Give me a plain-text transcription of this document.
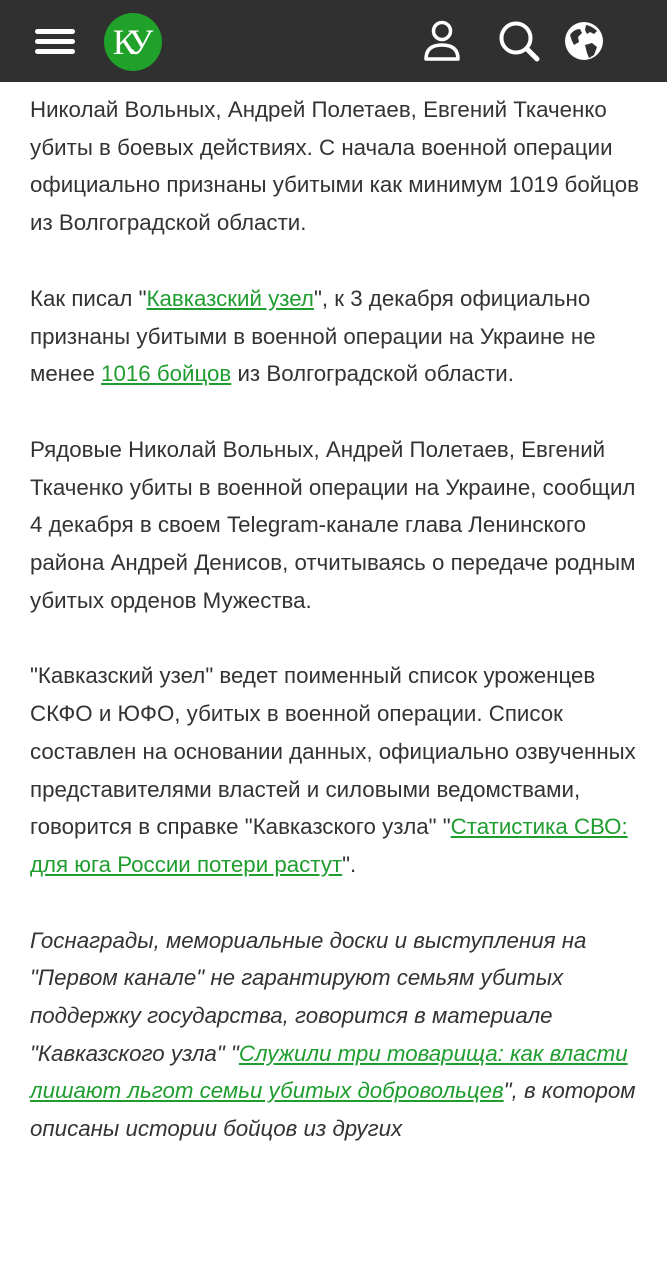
КУ

Николай Вольных, Андрей Полетаев, Евгений Ткаченко убиты в боевых действиях. С начала военной операции официально признаны убитыми как минимум 1019 бойцов из Волгоградской области.

Как писал "Кавказский узел", к 3 декабря официально признаны убитыми в военной операции на Украине не менее 1016 бойцов из Волгоградской области.

Рядовые Николай Вольных, Андрей Полетаев, Евгений Ткаченко убиты в военной операции на Украине, сообщил 4 декабря в своем Telegram-канале глава Ленинского района Андрей Денисов, отчитываясь о передаче родным убитых орденов Мужества.

"Кавказский узел" ведет поименный список уроженцев СКФО и ЮФО, убитых в военной операции. Список составлен на основании данных, официально озвученных представителями властей и силовыми ведомствами, говорится в справке "Кавказского узла" "Статистика СВО: для юга России потери растут".

Госнаграды, мемориальные доски и выступления на "Первом канале" не гарантируют семьям убитых поддержку государства, говорится в материале "Кавказского узла" "Служили три товарища: как власти лишают льгот семьи убитых добровольцев", в котором описаны истории бойцов из других
